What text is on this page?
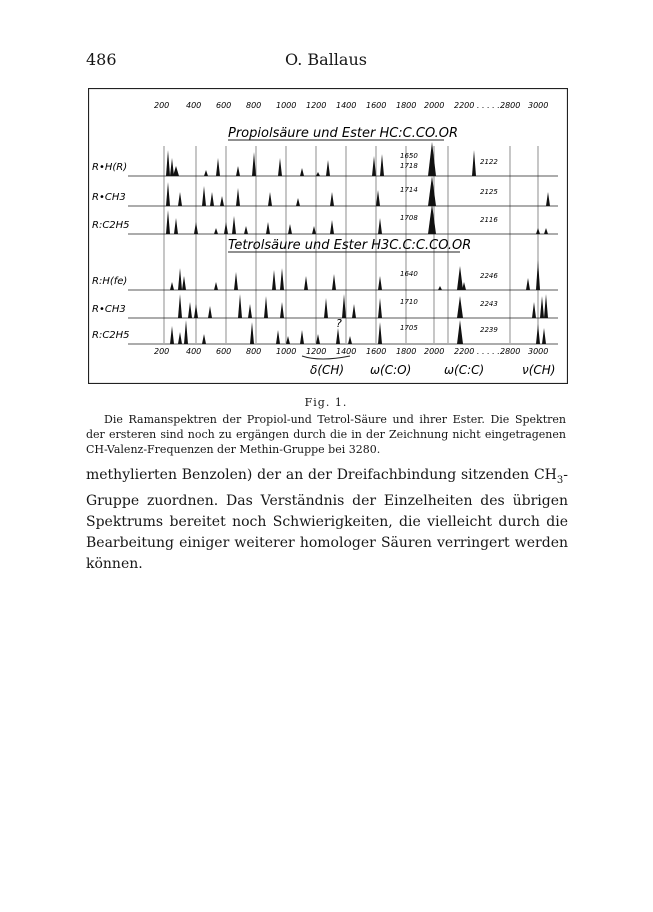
486	O. Ballaus
200 400 600 800 1000 1200 1400 1600 1800 2000 2200 . . . . . .
2800 3000
200 400 600 800 1000 1200 1400 1600 1800 2000 2200 . . . . . .
2800 3000
Propiolsäure und Ester HC:C.CO.OR
Tetrolsäure und Ester H3C.C:C.CO.OR
R•H(R)
1650
1718	2122
R•CH3
1714	2125
R:C2H5
1708	2116
R:H(fe)
1640	2246
R•CH3
1710	2243
R:C2H5
1705	2239
?
δ(CH) ω(C:O)	ω(C:C)	ν(CH)
Fig. 1.
Die Ramanspektren der Propiol-und Tetrol-Säure und ihrer Ester. Die Spektren der ersteren sind noch zu ergängen durch die in der Zeichnung nicht eingetragenen CH-Valenz-Frequenzen der Methin-Gruppe bei 3280.

methylierten Benzolen) der an der Dreifachbindung sitzenden $CH_3$-Gruppe zuordnen. Das Verständnis der Einzelheiten des übrigen Spektrums bereitet noch Schwierigkeiten, die vielleicht durch die Bearbeitung einiger weiterer homologer Säuren verringert werden können.
